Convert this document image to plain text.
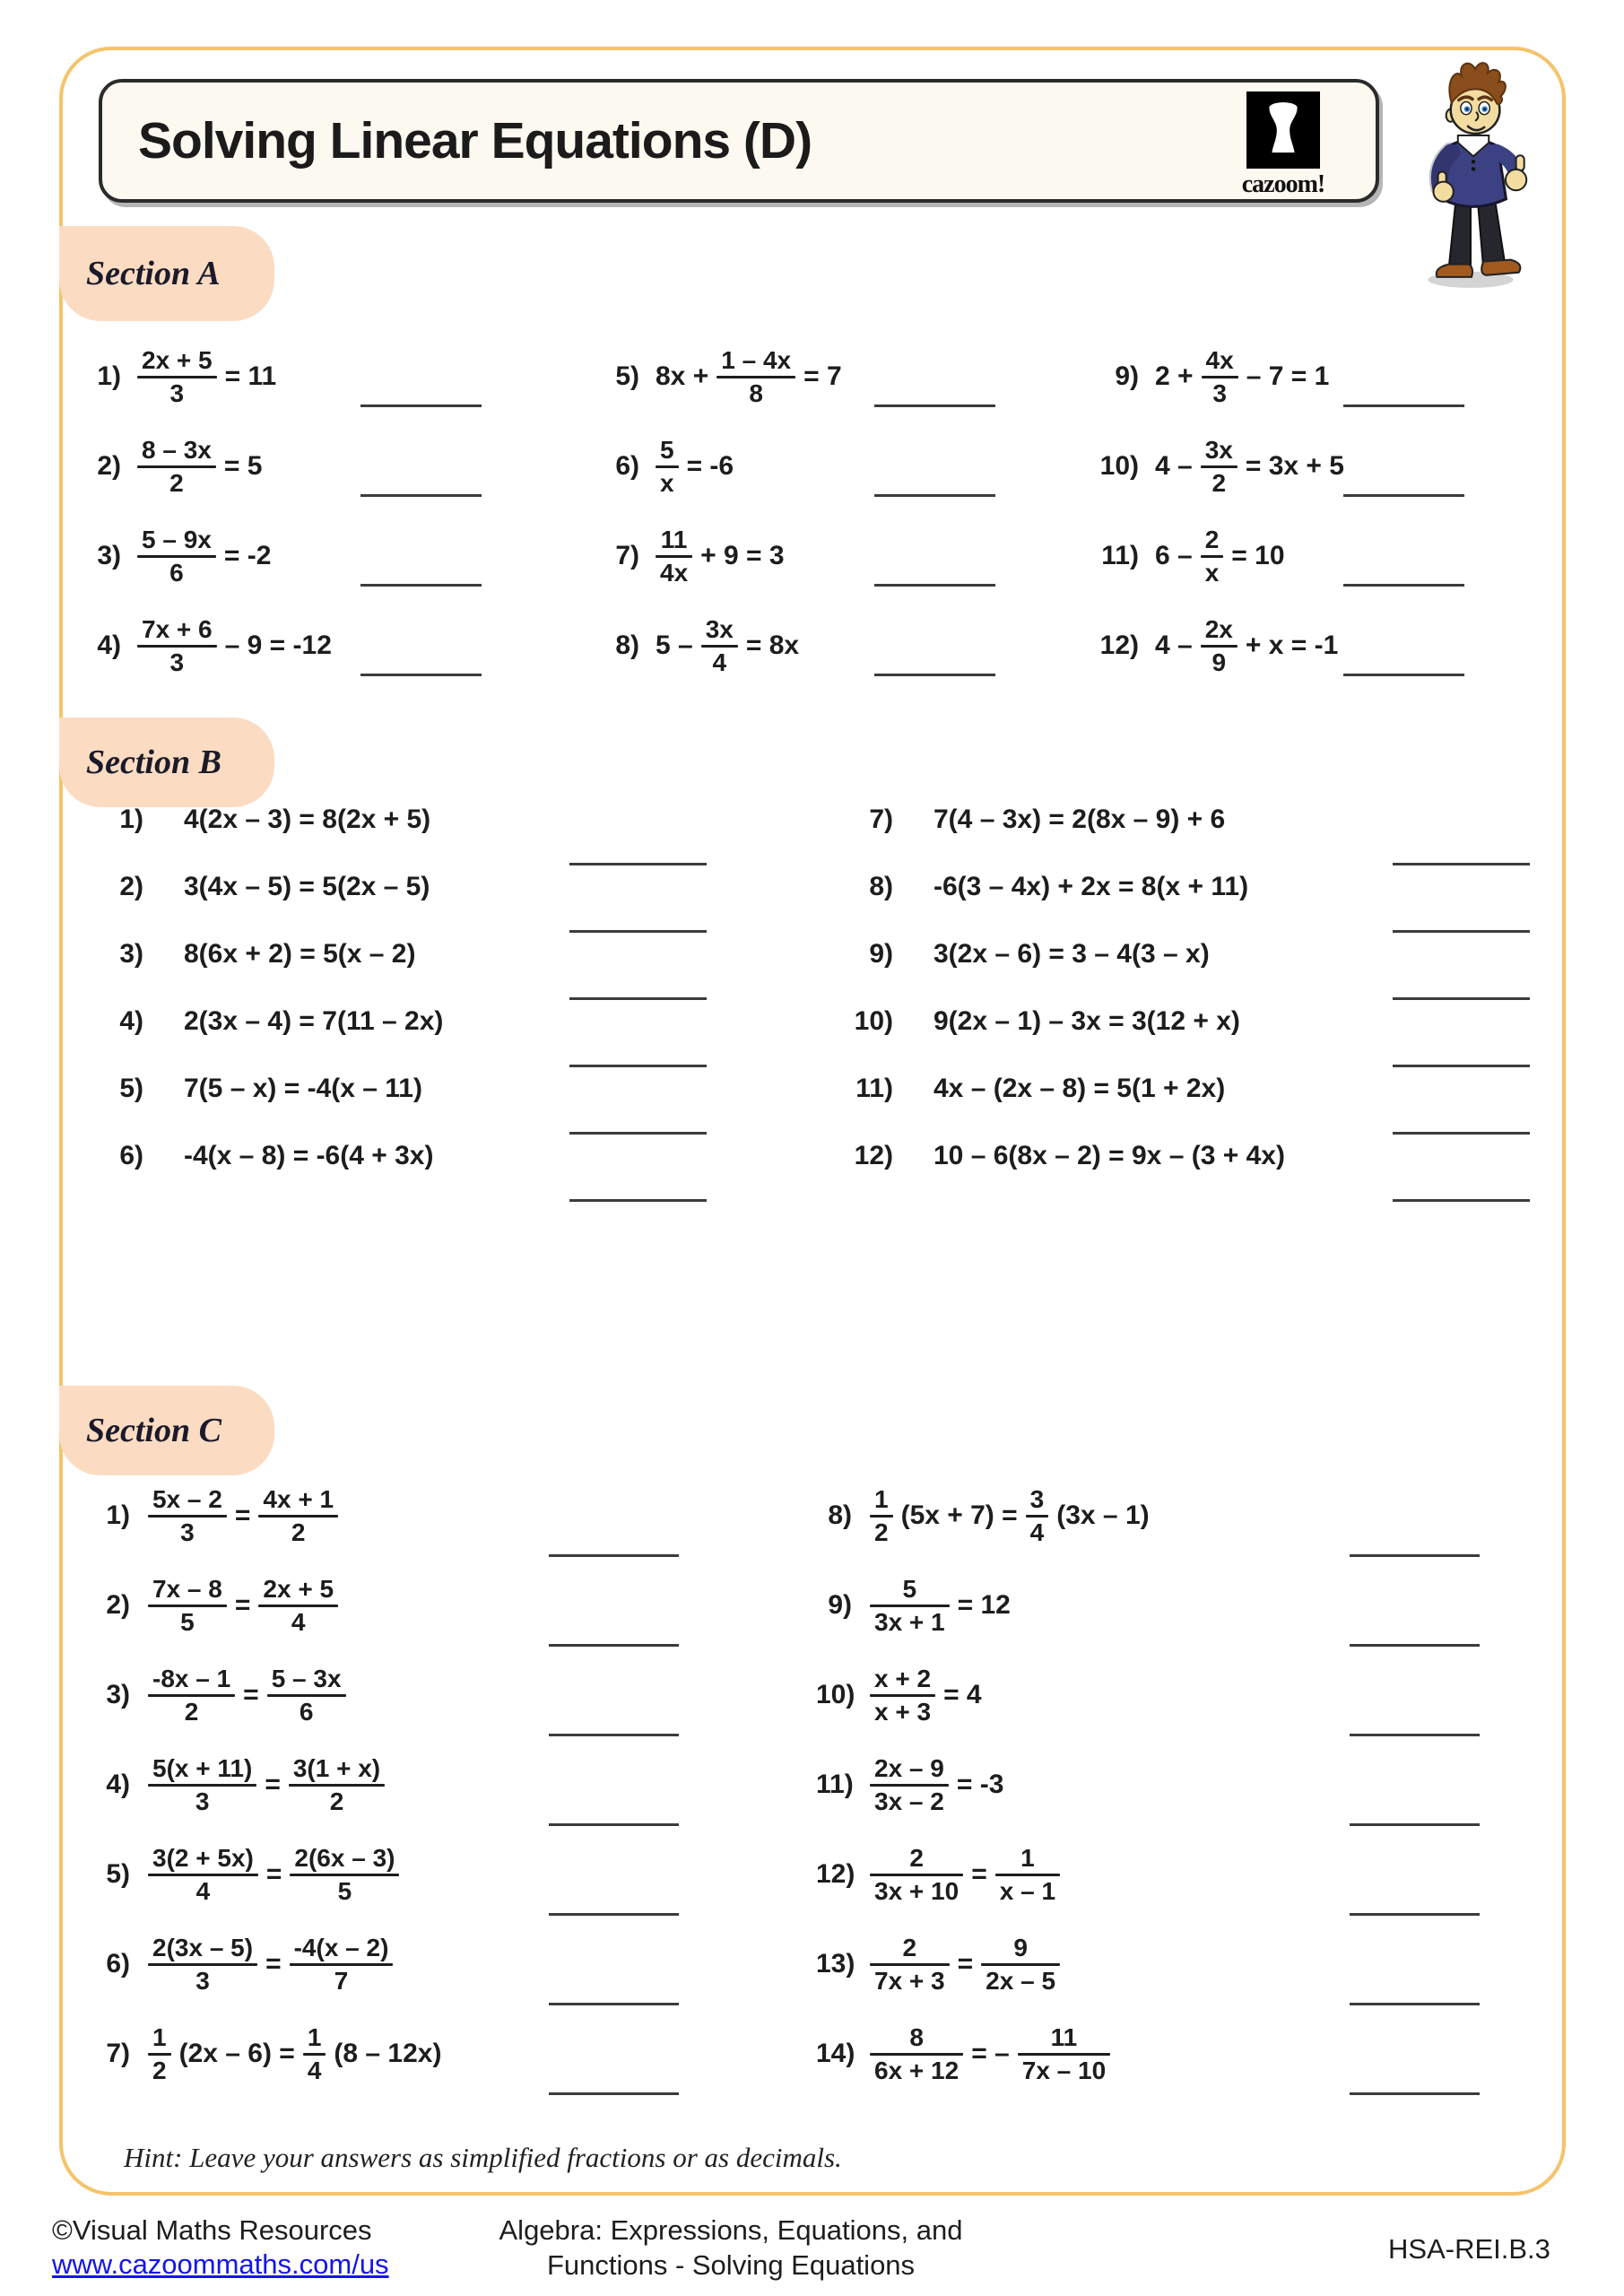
Solving Linear Equations (D)
cazoom!
Section A
$1) \frac{2x + 5}{3} = 11$
$2) \frac{8 - 3x}{2} = 5$
$3) \frac{5 - 9x}{6} = -2$
$4) \frac{7x + 6}{3} - 9 = -12$
5) $8x + \frac{1 - 4x}{8} = 7$
$6) \frac{5}{x} = -6$
$7) \frac{11}{4x} + 9 = 3$
8) $5 - \frac{3x}{4} = 8x$
9) $2 + \frac{4x}{3} - 7 = 1$
10) $4 - \frac{3x}{2} = 3x + 5$
11) $6 - \frac{2}{x} = 10$
12) $4 - \frac{2x}{9} + x = -1$
Section B
1) 4(2x – 3) = 8(2x + 5)
2) 3(4x – 5) = 5(2x – 5)
3) 8(6x + 2) = 5(x – 2)
4) 2(3x – 4) = 7(11 – 2x)
5) 7(5 – x) = -4(x – 11)
6) -4(x – 8) = -6(4 + 3x)
7) 7(4 – 3x) = 2(8x – 9) + 6
8) -6(3 – 4x) + 2x = 8(x + 11)
9) 3(2x – 6) = 3 – 4(3 – x)
10) 9(2x – 1) – 3x = 3(12 + x)
11) 4x – (2x – 8) = 5(1 + 2x)
12) 10 – 6(8x – 2) = 9x – (3 + 4x)
Section C
$1) \frac{5x - 2}{3} = \frac{4x + 1}{2}$
$2) \frac{7x - 8}{5} = \frac{2x + 5}{4}$
$3) \frac{-8x - 1}{2} = \frac{5 - 3x}{6}$
$4) \frac{5(x + 11)}{3} = \frac{3(1 + x)}{2}$
$5) \frac{3(2 + 5x)}{4} = \frac{2(6x - 3)}{5}$
$6) \frac{2(3x - 5)}{3} = \frac{-4(x - 2)}{7}$
$7) \frac{1}{2} (2x - 6) = \frac{1}{4} (8 - 12x)$
$8) \frac{1}{2} (5x + 7) = \frac{3}{4} (3x - 1)$
$9) \frac{5}{3x + 1} = 12$
$10) \frac{x + 2}{x + 3} = 4$
$11) \frac{2x - 9}{3x - 2} = -3$
$12) \frac{2}{3x + 10} = \frac{1}{x - 1}$
$13) \frac{2}{7x + 3} = \frac{9}{2x - 5}$
$14) \frac{8}{6x + 12}$ = – $\frac{11}{7x - 10}$
Hint: Leave your answers as simplified fractions or as decimals.
©Visual Maths Resources
www.cazoommaths.com/us
Algebra: Expressions, Equations, and
Functions - Solving Equations
HSA-REI.B.3
